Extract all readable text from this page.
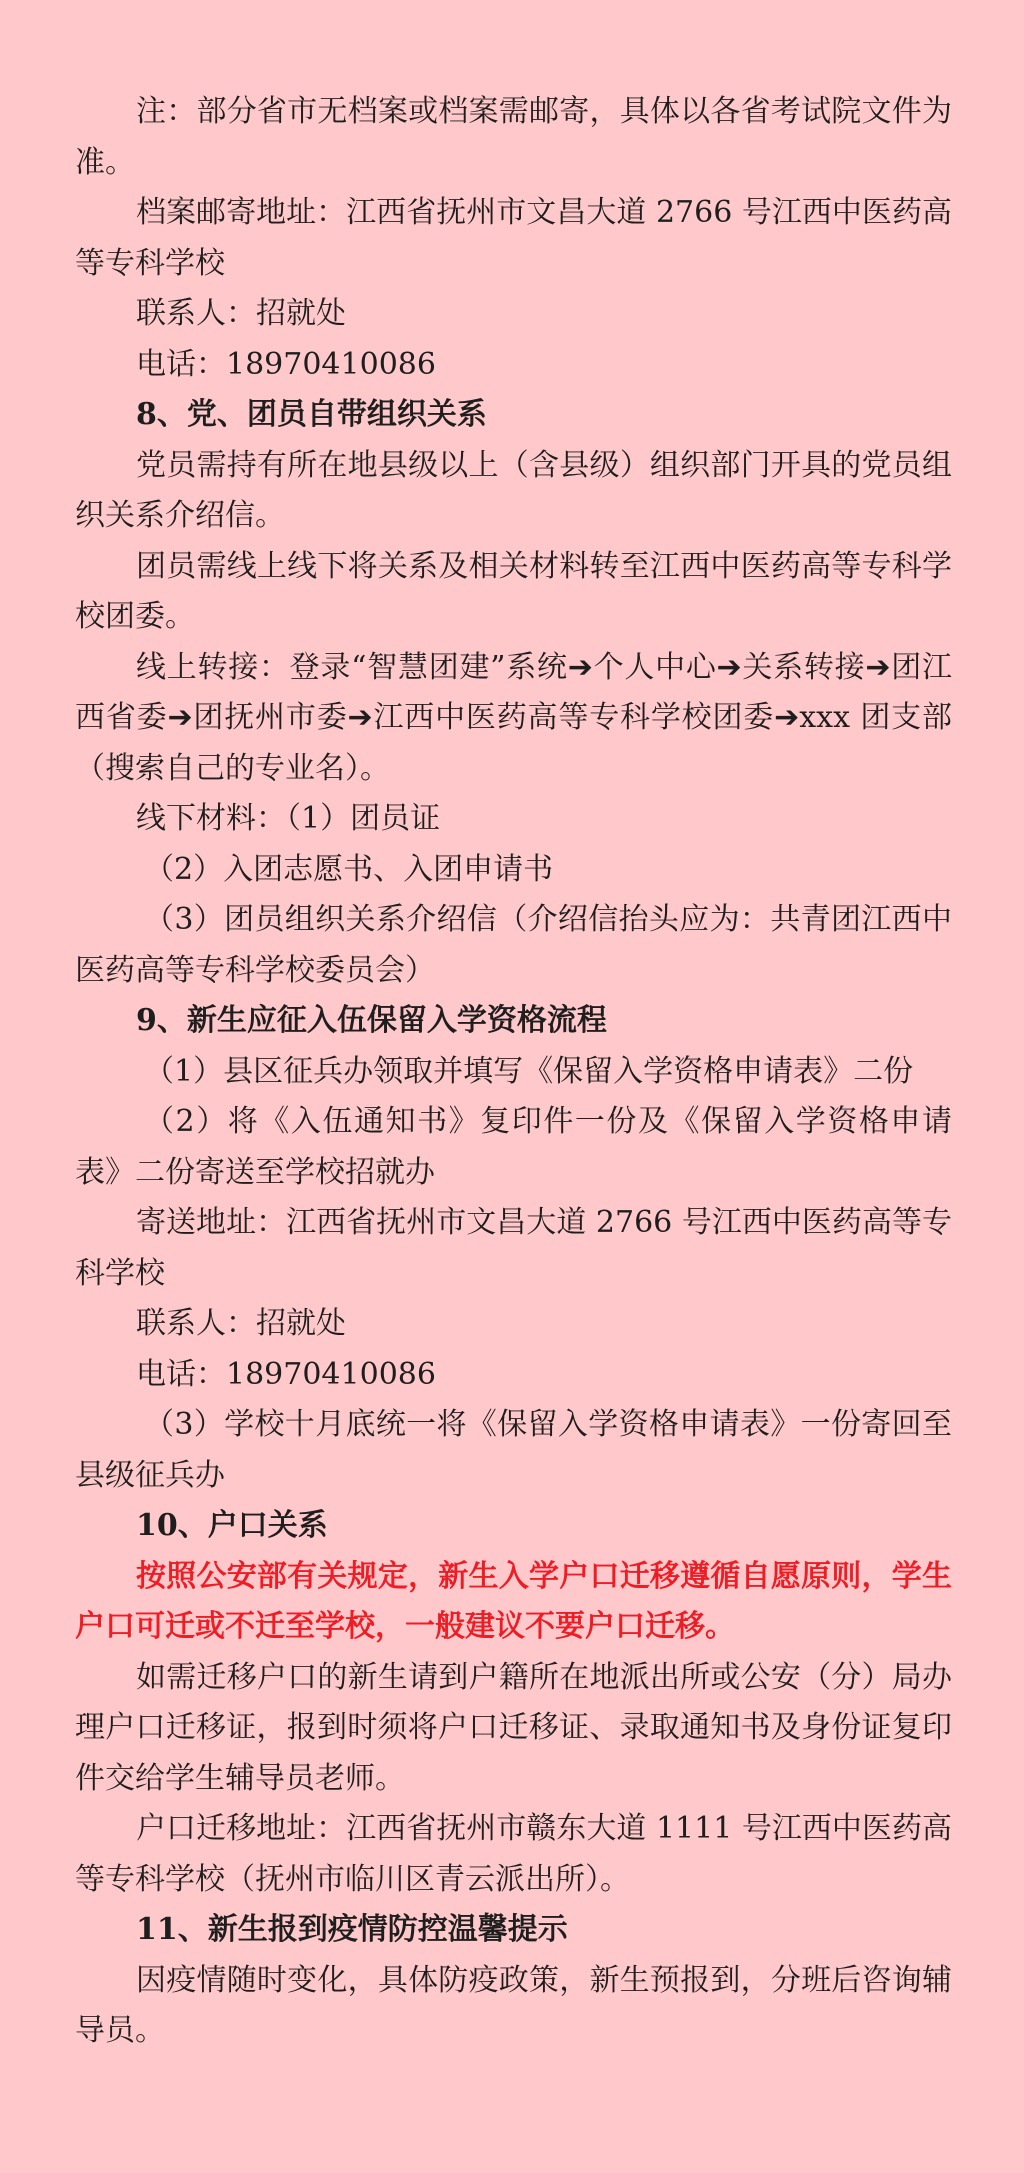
注：部分省市无档案或档案需邮寄，具体以各省考试院文件为准。

档案邮寄地址：江西省抚州市文昌大道 2766 号江西中医药高等专科学校

联系人：招就处

电话：18970410086

8、党、团员自带组织关系

党员需持有所在地县级以上（含县级）组织部门开具的党员组织关系介绍信。

团员需线上线下将关系及相关材料转至江西中医药高等专科学校团委。

线上转接：登录“智慧团建”系统➔个人中心➔关系转接➔团江西省委➔团抚州市委➔江西中医药高等专科学校团委➔xxx 团支部（搜索自己的专业名）。

线下材料：（1）团员证

（2）入团志愿书、入团申请书

（3）团员组织关系介绍信（介绍信抬头应为：共青团江西中医药高等专科学校委员会）

9、新生应征入伍保留入学资格流程

（1）县区征兵办领取并填写《保留入学资格申请表》二份

（2）将《入伍通知书》复印件一份及《保留入学资格申请表》二份寄送至学校招就办

寄送地址：江西省抚州市文昌大道 2766 号江西中医药高等专科学校

联系人：招就处

电话：18970410086

（3）学校十月底统一将《保留入学资格申请表》一份寄回至县级征兵办

10、户口关系

按照公安部有关规定，新生入学户口迁移遵循自愿原则，学生户口可迁或不迁至学校，一般建议不要户口迁移。

如需迁移户口的新生请到户籍所在地派出所或公安（分）局办理户口迁移证，报到时须将户口迁移证、录取通知书及身份证复印件交给学生辅导员老师。

户口迁移地址：江西省抚州市赣东大道 1111 号江西中医药高等专科学校（抚州市临川区青云派出所）。

11、新生报到疫情防控温馨提示

因疫情随时变化，具体防疫政策，新生预报到，分班后咨询辅导员。
